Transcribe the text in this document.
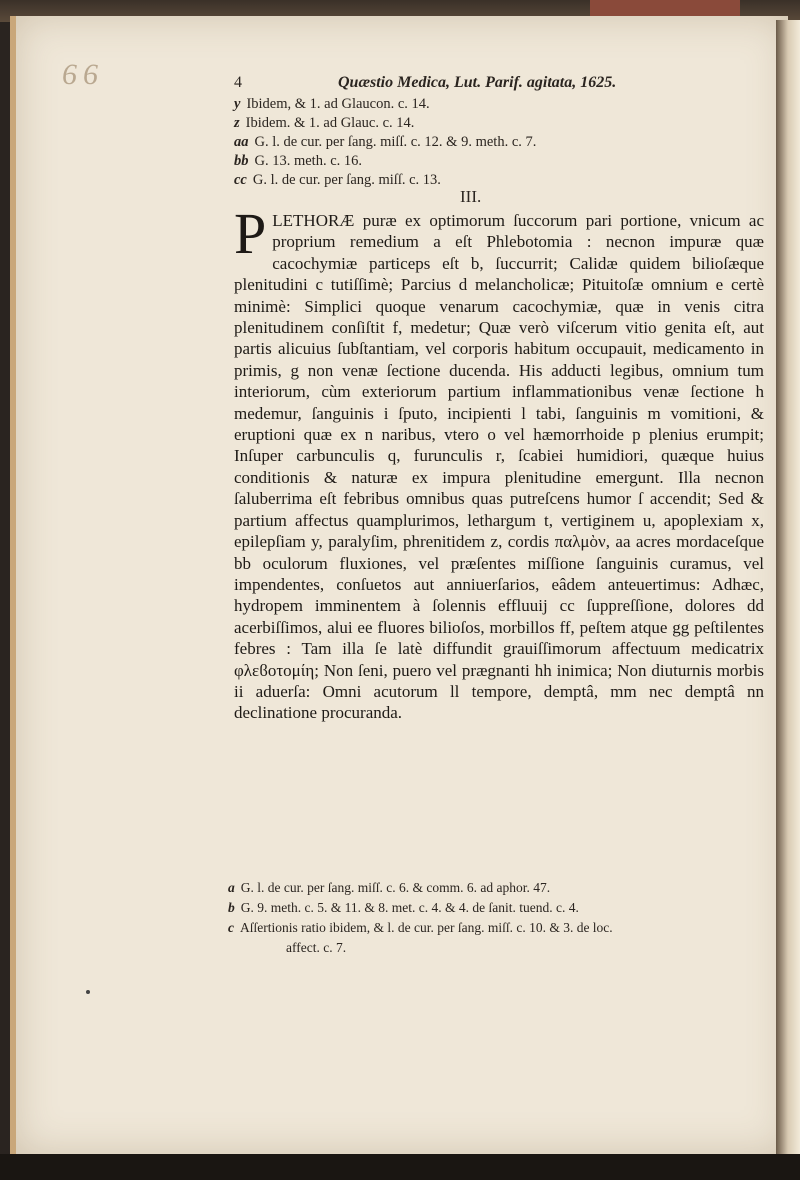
66	4	Quæstio Medica, Lut. Parif. agitata, 1625.
y Ibidem, & 1. ad Glaucon. c. 14.
z Ibidem. & 1. ad Glauc. c. 14.
aa G. l. de cur. per ſang. miſſ. c. 12. & 9. meth. c. 7.
bb G. 13. meth. c. 16.
cc G. l. de cur. per ſang. miſſ. c. 13.
III.
P LETHORÆ puræ ex optimorum ſuccorum pari portione, vnicum ac proprium remedium a eſt Phlebotomia : necnon impuræ quæ cacochymiæ particeps eſt b, ſuccurrit; Calidæ quidem bilioſæque plenitudini c tutiſſimè; Parcius d melancholicæ; Pituitoſæ omnium e certè minimè: Simplici quoque venarum cacochymiæ, quæ in venis citra plenitudinem conſiſtit f, medetur; Quæ verò viſcerum vitio genita eſt, aut partis alicuius ſubſtantiam, vel corporis habitum occupauit, medicamento in primis, g non venæ ſectione ducenda. His adducti legibus, omnium tum interiorum, cùm exteriorum partium inflammationibus venæ ſectione h medemur, ſanguinis i ſputo, incipienti l tabi, ſanguinis m vomitioni, & eruptioni quæ ex n naribus, vtero o vel hæmorrhoide p plenius erumpit; Inſuper carbunculis q, furunculis r, ſcabiei humidiori, quæque huius conditionis & naturæ ex impura plenitudine emergunt. Illa necnon ſaluberrima eſt febribus omnibus quas putreſcens humor ſ accendit; Sed & partium affectus quamplurimos, lethargum t, vertiginem u, apoplexiam x, epilepſiam y, paralyſim, phrenitidem z, cordis παλμὸν, aa acres mordaceſque bb oculorum fluxiones, vel præſentes miſſione ſanguinis curamus, vel impendentes, conſuetos aut anniuerſarios, eâdem anteuertimus: Adhæc, hydropem imminentem à ſolennis effluuij cc ſuppreſſione, dolores dd acerbiſſimos, alui ee fluores bilioſos, morbillos ff, peſtem atque gg peſtilentes febres : Tam illa ſe latè diffundit grauiſſimorum affectuum medicatrix φλεϐοτομίη; Non ſeni, puero vel prægnanti hh inimica; Non diuturnis morbis ii aduerſa: Omni acutorum ll tempore, demptâ, mm nec demptâ nn declinatione procuranda.

a G. l. de cur. per ſang. miſſ. c. 6. & comm. 6. ad aphor. 47.
b G. 9. meth. c. 5. & 11. & 8. met. c. 4. & 4. de ſanit. tuend. c. 4.
c Aſſertionis ratio ibidem, & l. de cur. per ſang. miſſ. c. 10. & 3. de loc.
affect. c. 7.
